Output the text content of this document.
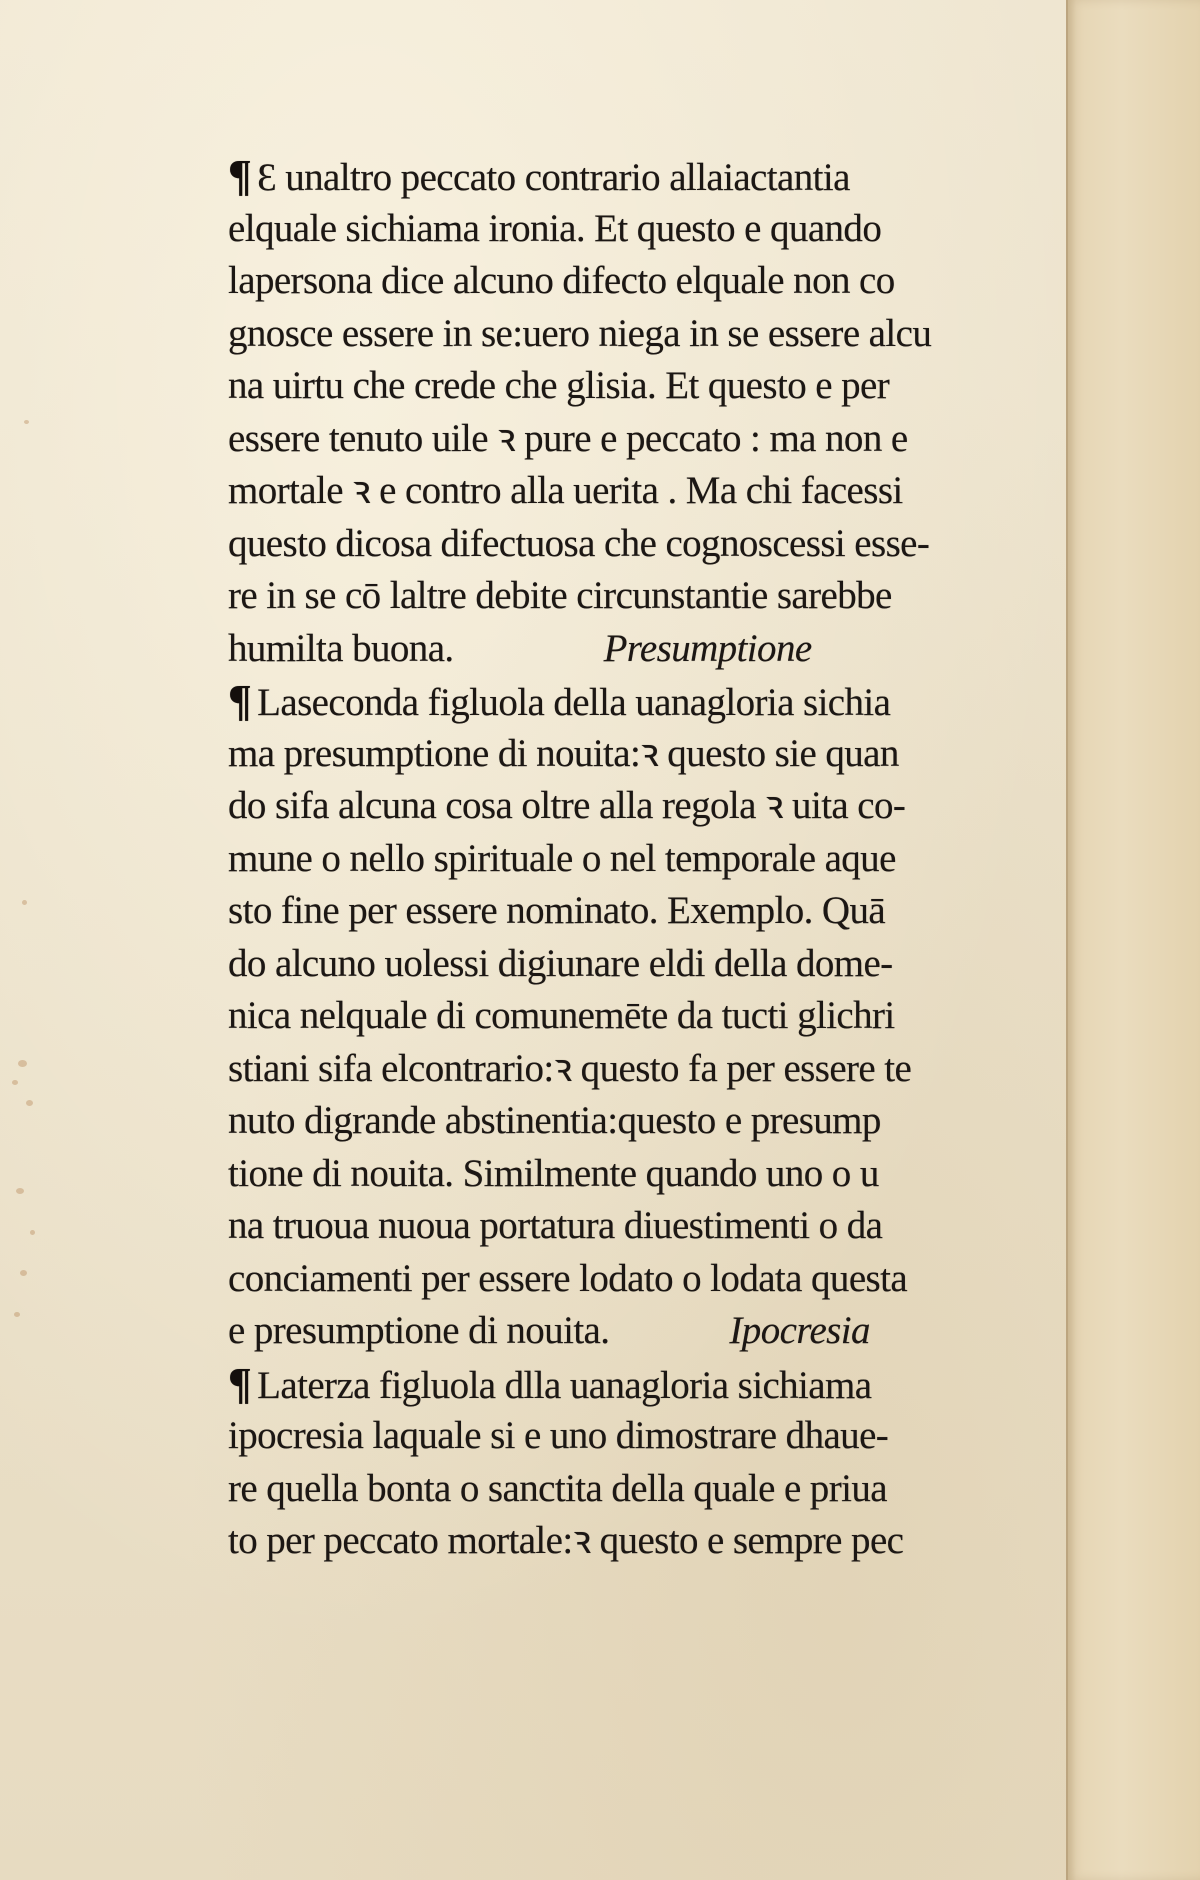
¶ Ɛ unaltro peccato contrario allaiactantia
elquale sichiama ironia. Et questo e quando
lapersona dice alcuno difecto elquale non co
gnosce essere in se:uero niega in se essere alcu
na uirtu che crede che glisia. Et questo e per
essere tenuto uile ꝛ pure e peccato : ma non e
mortale ꝛ e contro alla uerita . Ma chi facessi
questo dicosa difectuosa che cognoscessi esse-
re in se cō laltre debite circunstantie sarebbe
humilta buona.	Presumptione
¶ Laseconda figluola della uanagloria sichia
ma presumptione di nouita:ꝛ questo sie quan
do sifa alcuna cosa oltre alla regola ꝛ uita co-
mune o nello spirituale o nel temporale aque
sto fine per essere nominato. Exemplo. Quā
do alcuno uolessi digiunare eldi della dome-
nica nelquale di comunemēte da tucti glichri
stiani sifa elcontrario:ꝛ questo fa per essere te
nuto digrande abstinentia:questo e presump
tione di nouita. Similmente quando uno o u
na truoua nuoua portatura diuestimenti o da
conciamenti per essere lodato o lodata questa
e presumptione di nouita.	Ipocresia
¶ Laterza figluola dlla uanagloria sichiama
ipocresia laquale si e uno dimostrare dhaue-
re quella bonta o sanctita della quale e priua
to per peccato mortale:ꝛ questo e sempre pec
